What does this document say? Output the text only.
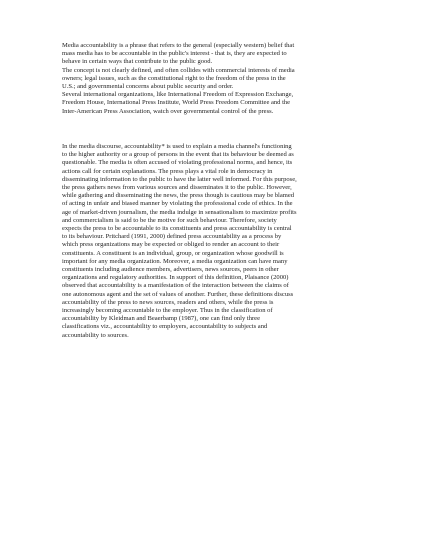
Media accountability is a phrase that refers to the general (especially western) belief that
mass media has to be accountable in the public's interest - that is, they are expected to
behave in certain ways that contribute to the public good.
The concept is not clearly defined, and often collides with commercial interests of media
owners; legal issues, such as the constitutional right to the freedom of the press in the
U.S.; and governmental concerns about public security and order.
Several international organizations, like International Freedom of Expression Exchange,
Freedom House, International Press Institute, World Press Freedom Committee and the
Inter-American Press Association, watch over governmental control of the press.
In the media discourse, accountability* is used to explain a media channel's functioning
to the higher authority or a group of persons in the event that its behaviour be deemed as
questionable. The media is often accused of violating professional norms, and hence, its
actions call for certain explanations. The press plays a vital role in democracy in
disseminating information to the public to have the latter well informed. For this purpose,
the press gathers news from various sources and disseminates it to the public. However,
while gathering and disseminating the news, the press though is cautious may be blamed
of acting in unfair and biased manner by violating the professional code of ethics. In the
age of market-driven journalism, the media indulge in sensationalism to maximize profits
and commercialism is said to be the motive for such behaviour. Therefore, society
expects the press to be accountable to its constituents and press accountability is central
to its behaviour. Pritchard (1991, 2000) defined press accountability as a process by
which press organizations may be expected or obliged to render an account to their
constituents. A constituent is an individual, group, or organization whose goodwill is
important for any media organization. Moreover, a media organization can have many
constituents including audience members, advertisers, news sources, peers in other
organizations and regulatory authorities. In support of this definition, Plaisance (2000)
observed that accountability is a manifestation of the interaction between the claims of
one autonomous agent and the set of values of another. Further, these definitions discuss
accountability of the press to news sources, readers and others, while the press is
increasingly becoming accountable to the employer. Thus in the classification of
accountability by Kleidman and Beaerbamp (1987), one can find only three
classifications viz., accountability to employers, accountability to subjects and
accountability to sources.
